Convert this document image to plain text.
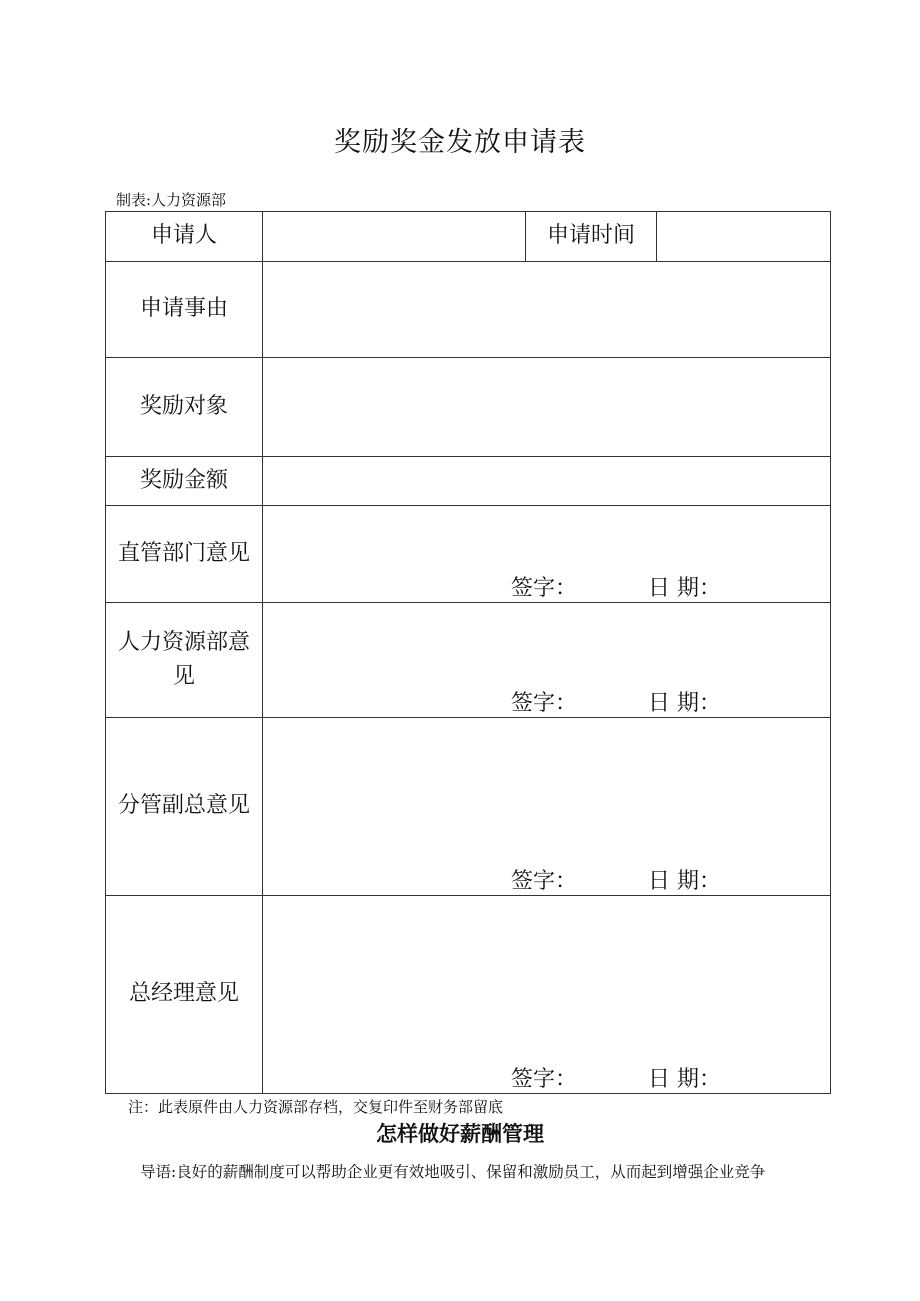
奖励奖金发放申请表
制表:人力资源部
申请人		申请时间	
申请事由			
奖励对象			
奖励金额			
直管部门意见	签字： 日 期：		

人力资源部意见	签字： 日 期：		

分管副总意见	签字： 日 期：		

总经理意见	签字： 日 期：		
注：此表原件由人力资源部存档，交复印件至财务部留底
怎样做好薪酬管理
导语:良好的薪酬制度可以帮助企业更有效地吸引、保留和激励员工，从而起到增强企业竞争
